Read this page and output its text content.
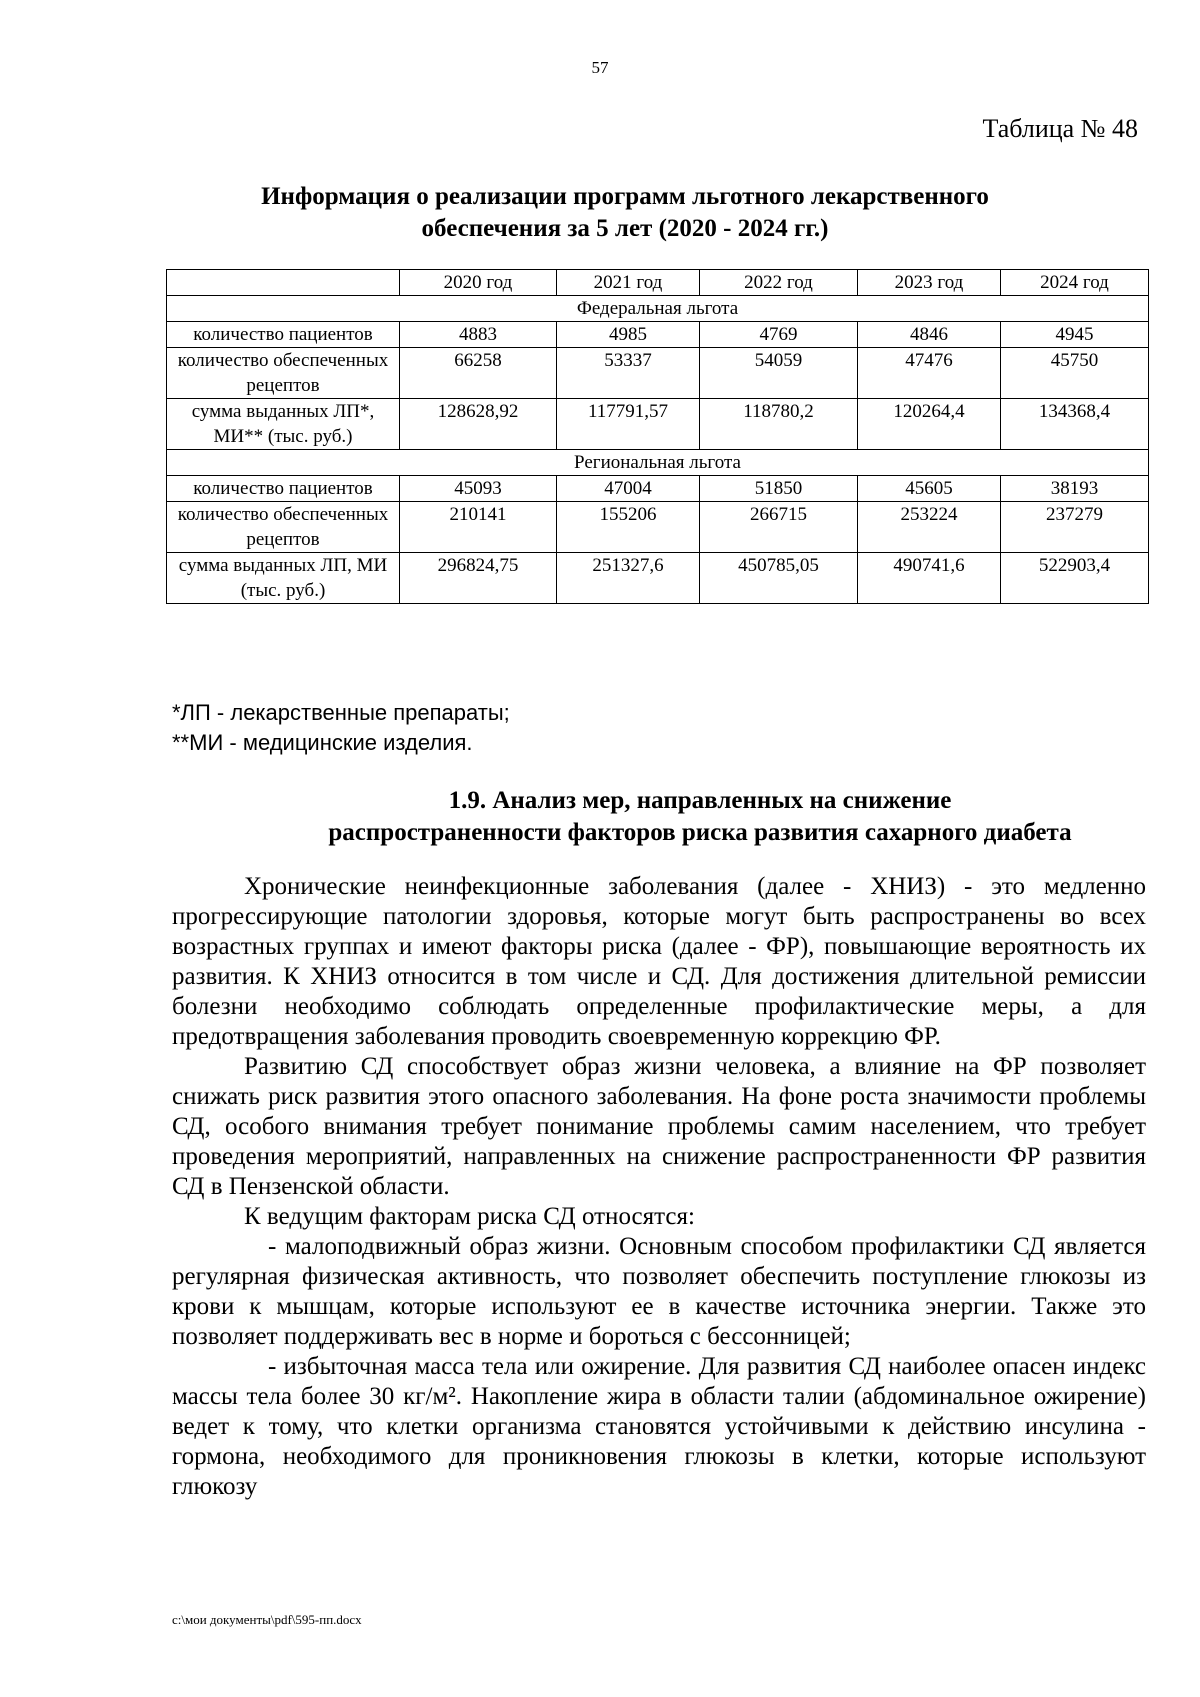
57
Таблица № 48
Информация о реализации программ льготного лекарственного
обеспечения за 5 лет (2020 - 2024 гг.)
	2020 год	2021 год	2022 год	2023 год	2024 год
Федеральная льгота					
количество пациентов	4883	4985	4769	4846	4945
количество обеспеченных рецептов	66258	53337	54059	47476	45750
сумма выданных ЛП*, МИ** (тыс. руб.)	128628,92	117791,57	118780,2	120264,4	134368,4
Региональная льгота					
количество пациентов	45093	47004	51850	45605	38193
количество обеспеченных рецептов	210141	155206	266715	253224	237279
сумма выданных ЛП, МИ (тыс. руб.)	296824,75	251327,6	450785,05	490741,6	522903,4
*ЛП - лекарственные препараты;
**МИ - медицинские изделия.
1.9. Анализ мер, направленных на снижение
распространенности факторов риска развития сахарного диабета

Хронические неинфекционные заболевания (далее - ХНИЗ) - это медленно прогрессирующие патологии здоровья, которые могут быть распространены во всех возрастных группах и имеют факторы риска (далее - ФР), повышающие вероятность их развития. К ХНИЗ относится в том числе и СД. Для достижения длительной ремиссии болезни необходимо соблюдать определенные профилактические меры, а для предотвращения заболевания проводить своевременную коррекцию ФР.

Развитию СД способствует образ жизни человека, а влияние на ФР позволяет снижать риск развития этого опасного заболевания. На фоне роста значимости проблемы СД, особого внимания требует понимание проблемы самим населением, что требует проведения мероприятий, направленных на снижение распространенности ФР развития СД в Пензенской области.

К ведущим факторам риска СД относятся:

- малоподвижный образ жизни. Основным способом профилактики СД является регулярная физическая активность, что позволяет обеспечить поступление глюкозы из крови к мышцам, которые используют ее в качестве источника энергии. Также это позволяет поддерживать вес в норме и бороться с бессонницей;

- избыточная масса тела или ожирение. Для развития СД наиболее опасен индекс массы тела более 30 кг/м². Накопление жира в области талии (абдоминальное ожирение) ведет к тому, что клетки организма становятся устойчивыми к действию инсулина - гормона, необходимого для проникновения глюкозы в клетки, которые используют глюкозу

c:\мои документы\pdf\595-пп.docx
